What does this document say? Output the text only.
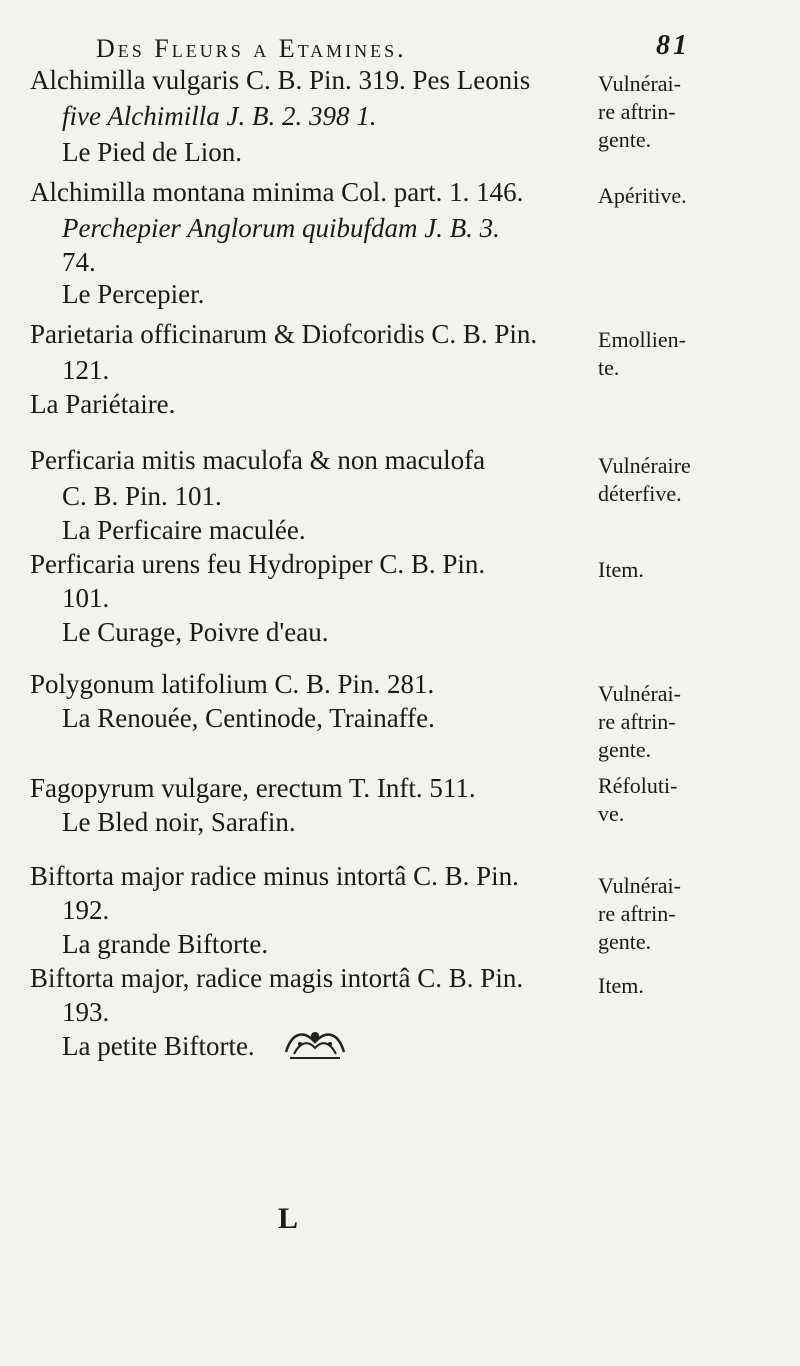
Des Fleurs a Etamines.	81
Alchimilla vulgaris C. B. Pin. 319. Pes Leonis
five Alchimilla J. B. 2. 398 1.
Le Pied de Lion.
Vulnérai-
re aftrin-
gente.
Alchimilla montana minima Col. part. 1. 146.
Perchepier Anglorum quibufdam J. B. 3.
74.
Le Percepier.
Apéritive.
Parietaria officinarum & Diofcoridis C. B. Pin.
121.
La Pariétaire.
Emollien-
te.
Perficaria mitis maculofa & non maculofa
C. B. Pin. 101.
La Perficaire maculée.
Vulnéraire
déterfive.
Perficaria urens feu Hydropiper C. B. Pin.
101.
Le Curage, Poivre d'eau.
Item.
Polygonum latifolium C. B. Pin. 281.
La Renouée, Centinode, Trainaffe.
Vulnérai-
re aftrin-
gente.
Fagopyrum vulgare, erectum T. Inft. 511.
Le Bled noir, Sarafin.
Réfoluti-
ve.
Biftorta major radice minus intortâ C. B. Pin.
192.
La grande Biftorte.
Vulnérai-
re aftrin-
gente.
Biftorta major, radice magis intortâ C. B. Pin.
193.
La petite Biftorte.
Item.
L
